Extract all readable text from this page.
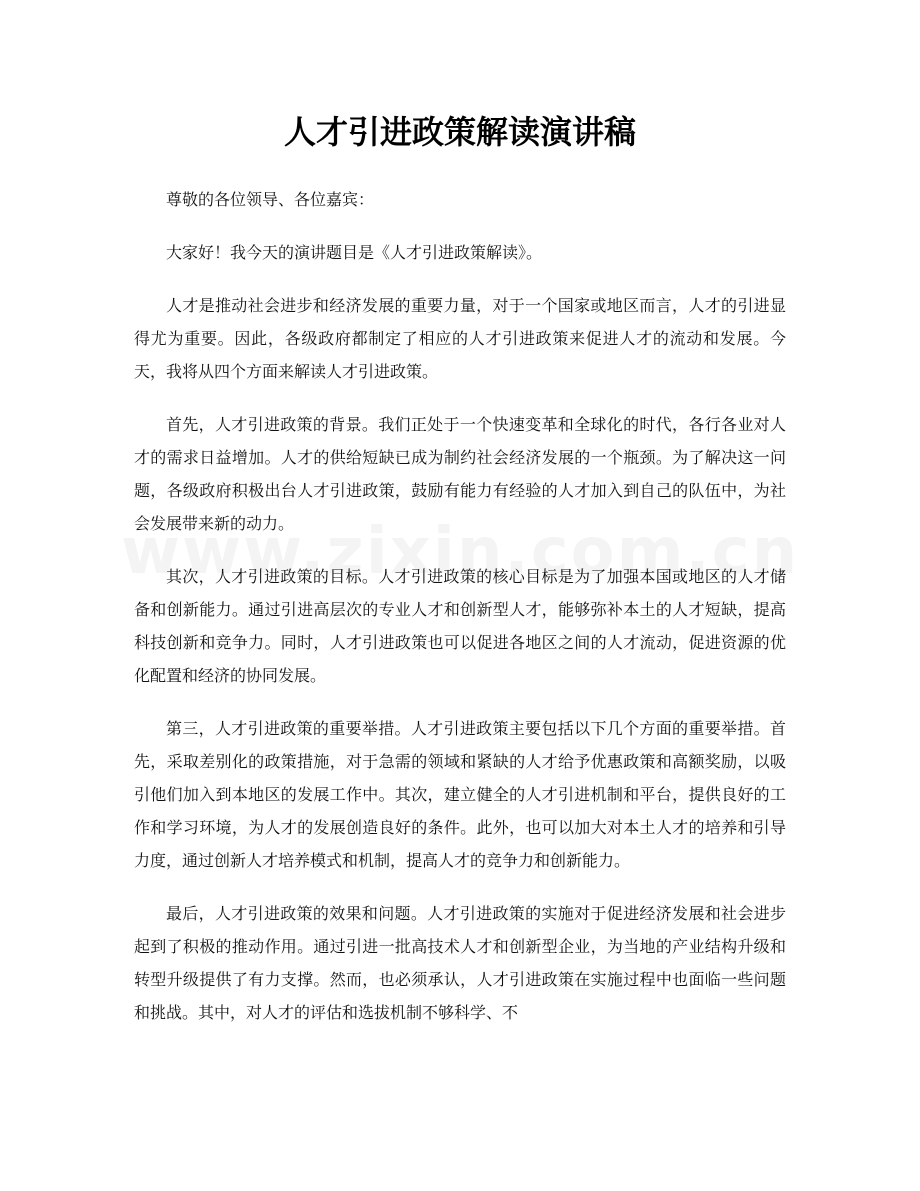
人才引进政策解读演讲稿

尊敬的各位领导、各位嘉宾：

大家好！我今天的演讲题目是《人才引进政策解读》。

人才是推动社会进步和经济发展的重要力量，对于一个国家或地区而言，人才的引进显得尤为重要。因此，各级政府都制定了相应的人才引进政策来促进人才的流动和发展。今天，我将从四个方面来解读人才引进政策。

首先，人才引进政策的背景。我们正处于一个快速变革和全球化的时代，各行各业对人才的需求日益增加。人才的供给短缺已成为制约社会经济发展的一个瓶颈。为了解决这一问题，各级政府积极出台人才引进政策，鼓励有能力有经验的人才加入到自己的队伍中，为社会发展带来新的动力。

其次，人才引进政策的目标。人才引进政策的核心目标是为了加强本国或地区的人才储备和创新能力。通过引进高层次的专业人才和创新型人才，能够弥补本土的人才短缺，提高科技创新和竞争力。同时，人才引进政策也可以促进各地区之间的人才流动，促进资源的优化配置和经济的协同发展。

第三，人才引进政策的重要举措。人才引进政策主要包括以下几个方面的重要举措。首先，采取差别化的政策措施，对于急需的领域和紧缺的人才给予优惠政策和高额奖励，以吸引他们加入到本地区的发展工作中。其次，建立健全的人才引进机制和平台，提供良好的工作和学习环境，为人才的发展创造良好的条件。此外，也可以加大对本土人才的培养和引导力度，通过创新人才培养模式和机制，提高人才的竞争力和创新能力。

最后，人才引进政策的效果和问题。人才引进政策的实施对于促进经济发展和社会进步起到了积极的推动作用。通过引进一批高技术人才和创新型企业，为当地的产业结构升级和转型升级提供了有力支撑。然而，也必须承认，人才引进政策在实施过程中也面临一些问题和挑战。其中，对人才的评估和选拔机制不够科学、不
